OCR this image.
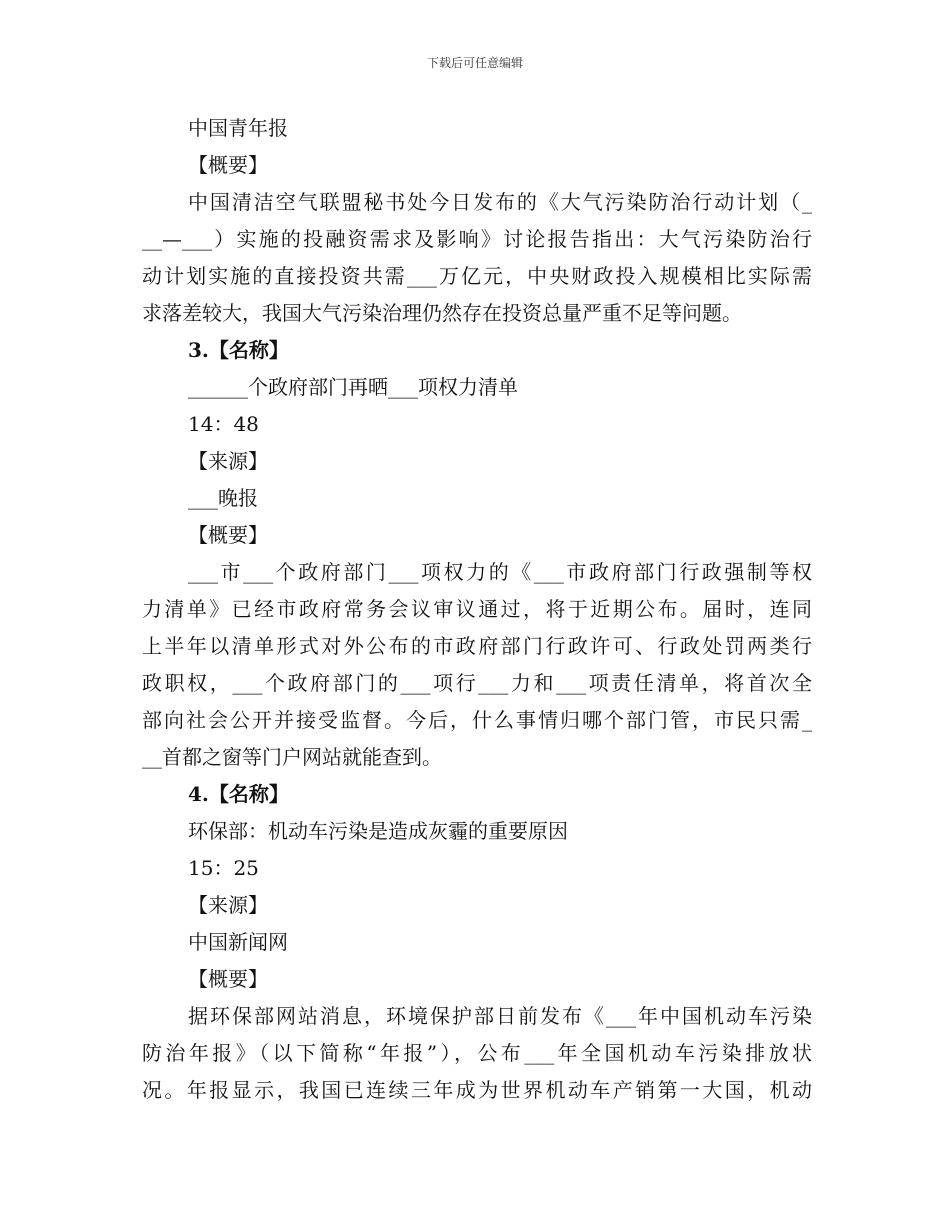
下载后可任意编辑
中国青年报
【概要】
中国清洁空气联盟秘书处今日发布的《大气污染防治行动计划（_
__—___）实施的投融资需求及影响》讨论报告指出：大气污染防治行
动计划实施的直接投资共需___万亿元，中央财政投入规模相比实际需
求落差较大，我国大气污染治理仍然存在投资总量严重不足等问题。
3.【名称】
______个政府部门再晒___项权力清单
14：48
【来源】
___晚报
【概要】
___市___个政府部门___项权力的《___市政府部门行政强制等权
力清单》已经市政府常务会议审议通过，将于近期公布。届时，连同
上半年以清单形式对外公布的市政府部门行政许可、行政处罚两类行
政职权，___个政府部门的___项行___力和___项责任清单，将首次全
部向社会公开并接受监督。今后，什么事情归哪个部门管，市民只需_
__首都之窗等门户网站就能查到。
4.【名称】
环保部：机动车污染是造成灰霾的重要原因
15：25
【来源】
中国新闻网
【概要】
据环保部网站消息，环境保护部日前发布《___年中国机动车污染
防治年报》（以下简称“年报”），公布___年全国机动车污染排放状
况。年报显示，我国已连续三年成为世界机动车产销第一大国，机动
